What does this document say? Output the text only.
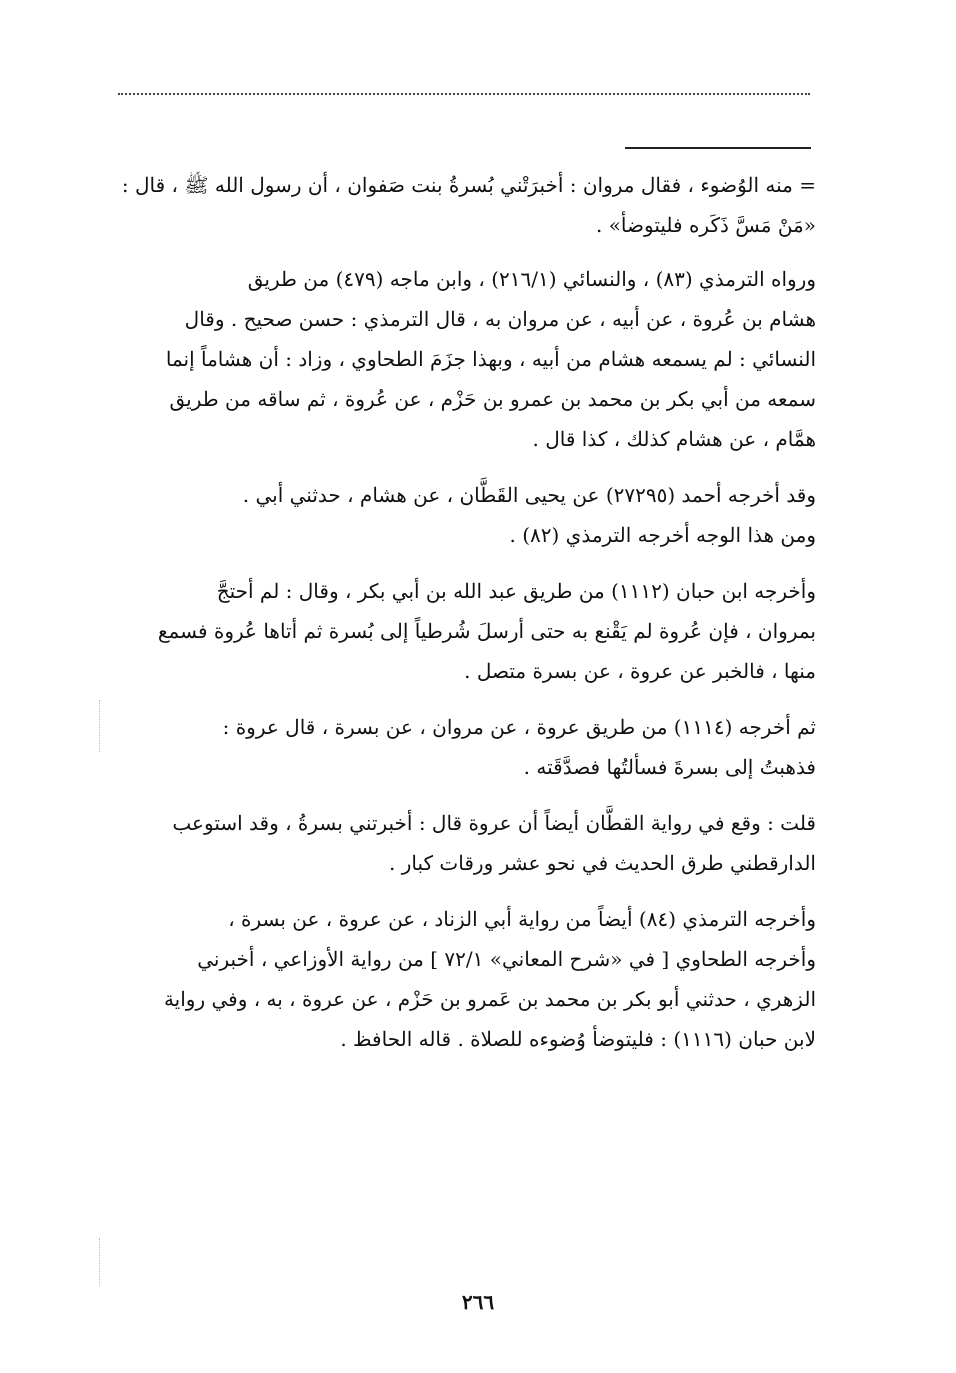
= منه الوُضوء ، فقال مروان : أخبرَتْني بُسرةُ بنت صَفوان ، أن رسول الله ﷺ ، قال :
«مَنْ مَسَّ ذَكَره فليتوضأ» .

ورواه الترمذي (٨٣) ، والنسائي (٢١٦/١) ، وابن ماجه (٤٧٩) من طريق
هشام بن عُروة ، عن أبيه ، عن مروان به ، قال الترمذي : حسن صحيح . وقال
النسائي : لم يسمعه هشام من أبيه ، وبهذا جزَمَ الطحاوي ، وزاد : أن هشاماً إنما
سمعه من أبي بكر بن محمد بن عمرو بن حَزْم ، عن عُروة ، ثم ساقه من طريق
همَّام ، عن هشام كذلك ، كذا قال .

وقد أخرجه أحمد (٢٧٢٩٥) عن يحيى القَطَّان ، عن هشام ، حدثني أبي .
ومن هذا الوجه أخرجه الترمذي (٨٢) .

وأخرجه ابن حبان (١١١٢) من طريق عبد الله بن أبي بكر ، وقال : لم أحتجَّ
بمروان ، فإن عُروة لم يَقْنع به حتى أرسلَ شُرطياً إلى بُسرة ثم أتاها عُروة فسمع
منها ، فالخبر عن عروة ، عن بسرة متصل .

ثم أخرجه (١١١٤) من طريق عروة ، عن مروان ، عن بسرة ، قال عروة :
فذهبتُ إلى بسرةَ فسألتُها فصدَّقَته .

قلت : وقع في رواية القطَّان أيضاً أن عروة قال : أخبرتني بسرةُ ، وقد استوعب
الدارقطني طرق الحديث في نحو عشر ورقات كبار .

وأخرجه الترمذي (٨٤) أيضاً من رواية أبي الزناد ، عن عروة ، عن بسرة ،
وأخرجه الطحاوي [ في «شرح المعاني» ٧٢/١ ] من رواية الأوزاعي ، أخبرني
الزهري ، حدثني أبو بكر بن محمد بن عَمرو بن حَزْم ، عن عروة ، به ، وفي رواية
لابن حبان (١١١٦) : فليتوضأ وُضوءه للصلاة . قاله الحافظ .

٢٦٦
